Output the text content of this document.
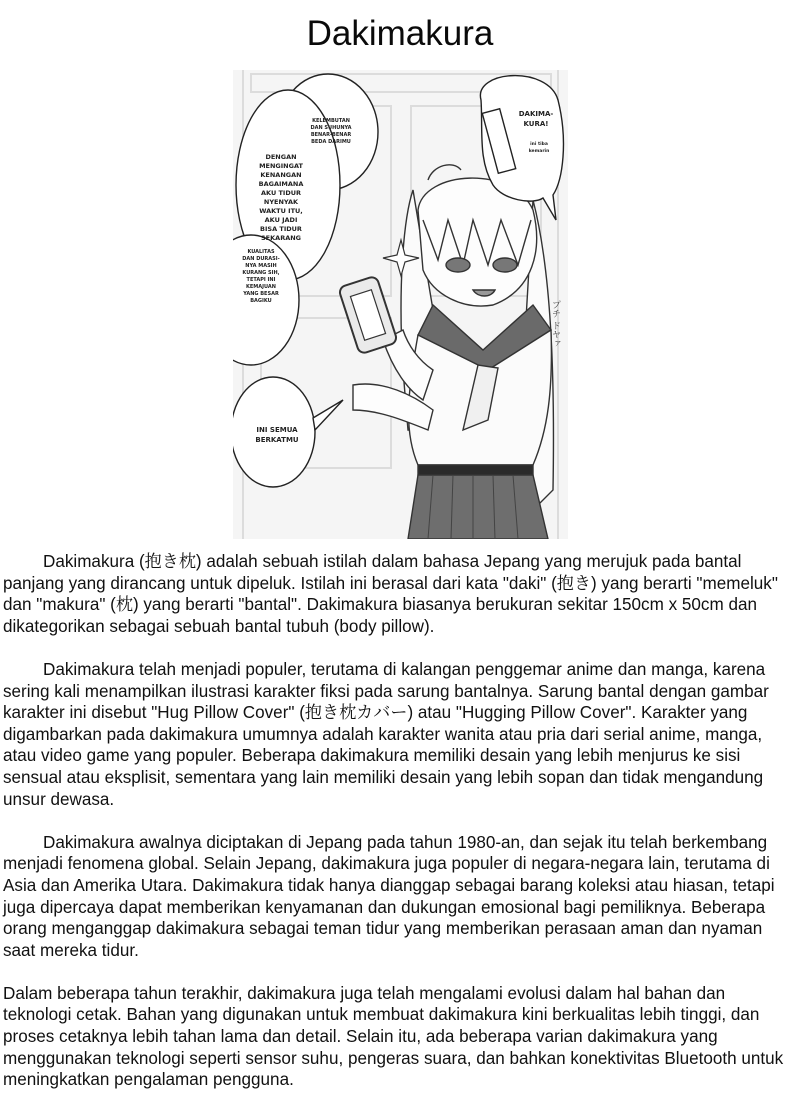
Dakimakura
KELEMBUTAN
DAN SUHUNYA
BENAR-BENAR
BEDA DARIMU
DENGAN
MENGINGAT
KENANGAN
BAGAIMANA
AKU TIDUR
NYENYAK
WAKTU ITU,
AKU JADI
BISA TIDUR
SEKARANG
KUALITAS
DAN DURASI-
NYA MASIH
KURANG SIH,
TETAPI INI
KEMAJUAN
YANG BESAR
BAGIKU
INI SEMUA
BERKATMU
DAKIMA-
KURA!
ini tiba
kemarin
プチ ドヤァ

Dakimakura (抱き枕) adalah sebuah istilah dalam bahasa Jepang yang merujuk pada bantal panjang yang dirancang untuk dipeluk. Istilah ini berasal dari kata "daki" (抱き) yang berarti "memeluk" dan "makura" (枕) yang berarti "bantal". Dakimakura biasanya berukuran sekitar 150cm x 50cm dan dikategorikan sebagai sebuah bantal tubuh (body pillow).

Dakimakura telah menjadi populer, terutama di kalangan penggemar anime dan manga, karena sering kali menampilkan ilustrasi karakter fiksi pada sarung bantalnya. Sarung bantal dengan gambar karakter ini disebut "Hug Pillow Cover" (抱き枕カバー) atau "Hugging Pillow Cover". Karakter yang digambarkan pada dakimakura umumnya adalah karakter wanita atau pria dari serial anime, manga, atau video game yang populer. Beberapa dakimakura memiliki desain yang lebih menjurus ke sisi sensual atau eksplisit, sementara yang lain memiliki desain yang lebih sopan dan tidak mengandung unsur dewasa.

Dakimakura awalnya diciptakan di Jepang pada tahun 1980-an, dan sejak itu telah berkembang menjadi fenomena global. Selain Jepang, dakimakura juga populer di negara-negara lain, terutama di Asia dan Amerika Utara. Dakimakura tidak hanya dianggap sebagai barang koleksi atau hiasan, tetapi juga dipercaya dapat memberikan kenyamanan dan dukungan emosional bagi pemiliknya. Beberapa orang menganggap dakimakura sebagai teman tidur yang memberikan perasaan aman dan nyaman saat mereka tidur.

Dalam beberapa tahun terakhir, dakimakura juga telah mengalami evolusi dalam hal bahan dan teknologi cetak. Bahan yang digunakan untuk membuat dakimakura kini berkualitas lebih tinggi, dan proses cetaknya lebih tahan lama dan detail. Selain itu, ada beberapa varian dakimakura yang menggunakan teknologi seperti sensor suhu, pengeras suara, dan bahkan konektivitas Bluetooth untuk meningkatkan pengalaman pengguna.
